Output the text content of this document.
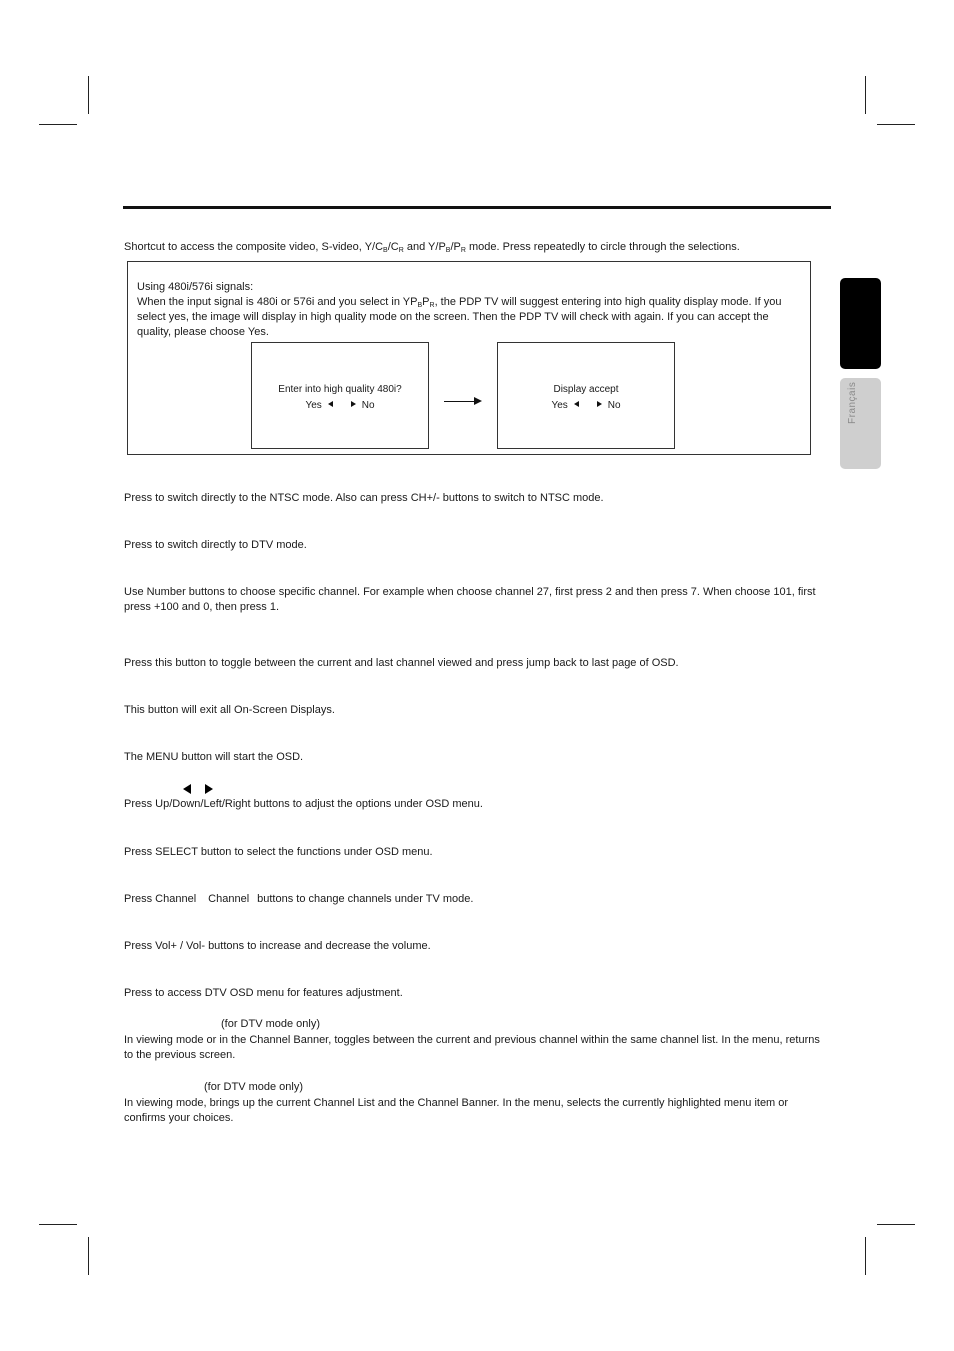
Français

Shortcut to access the composite video, S-video, $Y/C_B/C_R$ and $Y/P_B/P_R$ mode. Press repeatedly to circle through the selections.

Using 480i/576i signals:
When the input signal is 480i or 576i and you select in $YP_BP_R$, the PDP TV will suggest entering into high quality display mode. If you select yes, the image will display in high quality mode on the screen. Then the PDP TV will check with again. If you can accept the quality, please choose Yes.
Enter into high quality 480i?
Yes	No
Display accept
Yes	No

Press to switch directly to the NTSC mode. Also can press CH+/- buttons to switch to NTSC mode.

Press to switch directly to DTV mode.

Use Number buttons to choose specific channel. For example when choose channel 27, first press 2 and then press 7. When choose 101, first press +100 and 0, then press 1.

Press this button to toggle between the current and last channel viewed and press jump back to last page of OSD.

This button will exit all On-Screen Displays.

The MENU button will start the OSD.

Press Up/Down/Left/Right buttons to adjust the options under OSD menu.

Press SELECT button to select the functions under OSD menu.

Press Channel Channel buttons to change channels under TV mode.

Press Vol+ / Vol- buttons to increase and decrease the volume.

Press to access DTV OSD menu for features adjustment.

(for DTV mode only)

In viewing mode or in the Channel Banner, toggles between the current and previous channel within the same channel list. In the menu, returns to the previous screen.

(for DTV mode only)

In viewing mode, brings up the current Channel List and the Channel Banner. In the menu, selects the currently highlighted menu item or confirms your choices.
